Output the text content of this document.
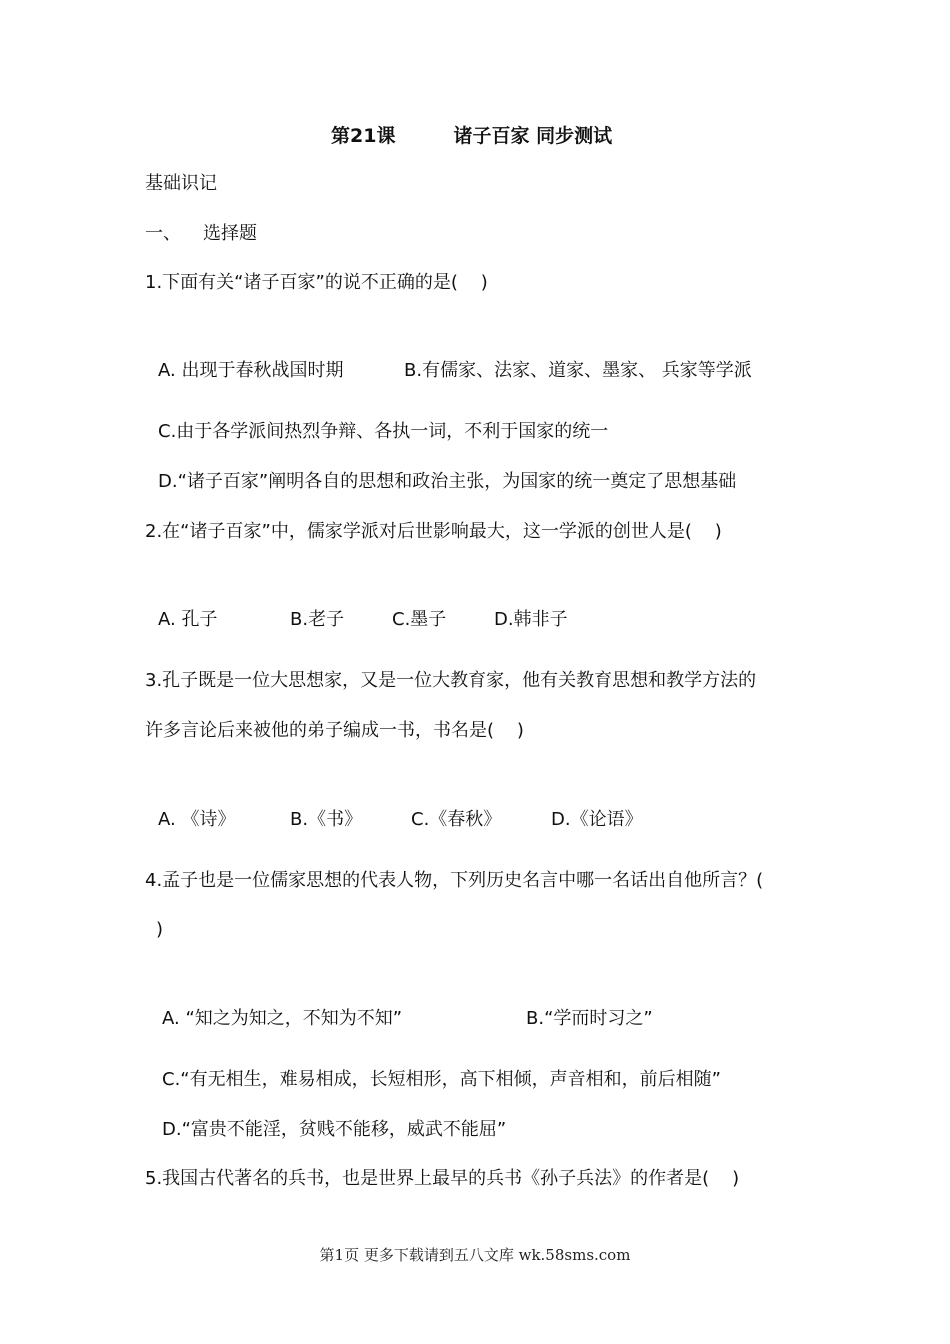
第21课	诸子百家 同步测试
基础识记
一、 选择题
1.下面有关“诸子百家”的说不正确的是(    )
A. 出现于春秋战国时期	B.有儒家、法家、道家、墨家、 兵家等学派
C.由于各学派间热烈争辩、各执一词，不利于国家的统一
D.“诸子百家”阐明各自的思想和政治主张，为国家的统一奠定了思想基础
2.在“诸子百家”中，儒家学派对后世影响最大，这一学派的创世人是(    )
A. 孔子	B.老子	C.墨子	D.韩非子
3.孔子既是一位大思想家，又是一位大教育家，他有关教育思想和教学方法的
许多言论后来被他的弟子编成一书，书名是(    )
A. 《诗》	B.《书》	C.《春秋》	D.《论语》
4.孟子也是一位儒家思想的代表人物，下列历史名言中哪一名话出自他所言？(
)
A. “知之为知之，不知为不知”	B.“学而时习之”
C.“有无相生，难易相成，长短相形，高下相倾，声音相和，前后相随”
D.“富贵不能淫，贫贱不能移，威武不能屈”
5.我国古代著名的兵书，也是世界上最早的兵书《孙子兵法》的作者是(    )
第1页 更多下载请到五八文库 wk.58sms.com
